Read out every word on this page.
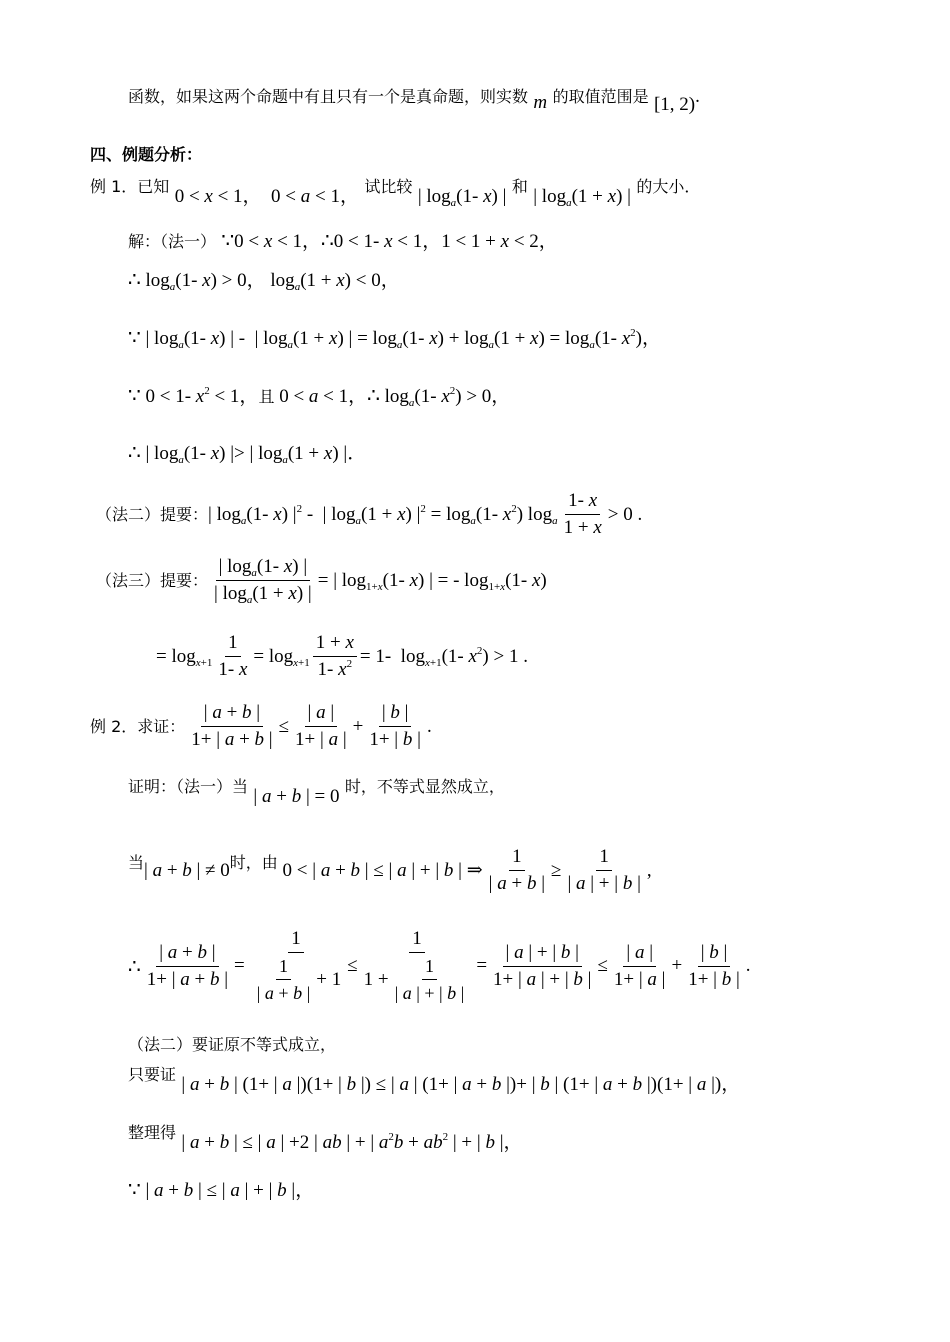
函数，如果这两个命题中有且只有一个是真命题，则实数 m 的取值范围是 [1, 2).
四、例题分析：
例 1．已知 0 < x < 1，  0 < a < 1， 试比较 | $\log_a(1-$ x) | 和 | $\log_a(1 + x)$ | 的大小．
解：（法一） ∵0 < x < 1，∴0 < 1- x < 1，1 < 1 + x < 2，
∴ $\log_a(1-$ x) > 0， $\log_a(1 + x) < 0$，
∵ | $\log_a(1-$ x) | -  | $\log_a(1 + x)$ | = $\log_a(1-$ $x) + \log_a(1 + x) = \log_a(1-$ $x^2$)，
∵ 0 < 1- $x^2 < 1$，且 0 < a < 1，∴ $\log_a(1-$ $x^2) > 0$，
∴ | $\log_a(1-$ x) |> | $\log_a(1 + x)$ |．
（法二）提要： | $\log_a(1-$ x) $|^2$ -  | $\log_a(1 + x) |^2 = \log_a(1-$ $x^2$) $\log_a \frac{1- x}{1 + x} > 0$ .
（法三）提要： $\frac{| \log_a(1- x) |}{| \log_a(1 + x) |}$ = | $\log_{1+x}(1-$ x) | = - $\log_{1+x}(1-$ x)
= $\log_{x+1} \frac{1}{1- x} = \log_{x+1} \frac{1 + x}{1- x^2} = 1-$  $\log_{x+1}(1-$ $x^2) > 1$ .
例 2．求证： $\frac{| a + b |}{1+ | a + b |} \le \frac{| a |}{1+ | a |} + \frac{| b |}{1+ | b |}$ .
证明：（法一）当 | a + b | = 0 时，不等式显然成立，
当 | a + b | ≠ 0 时，由 0 < | a + b | ≤ | a | + | b | ⇒ $\frac{1}{| a + b |} \ge \frac{1}{| a | + | b |}$ ,
∴ $\frac{| a + b |}{1+ | a + b |} = \frac{1}{\frac{1}{| a + b |} + 1} \le \frac{1}{1 + \frac{1}{| a | + | b |}} = \frac{| a | + | b |}{1+ | a | + | b |} \le \frac{| a |}{1+ | a |} + \frac{| b |}{1+ | b |}$ .
（法二）要证原不等式成立，
只要证 | a + b | (1+ | a |)(1+ | b |) ≤ | a | (1+ | a + b |)+ | b | (1+ | a + b |)(1+ | a |)，
整理得 | a + b | ≤ | a | +2 | ab | + | $a^2b + ab^2$ | + | b |，
∵ | a + b | ≤ | a | + | b |，
